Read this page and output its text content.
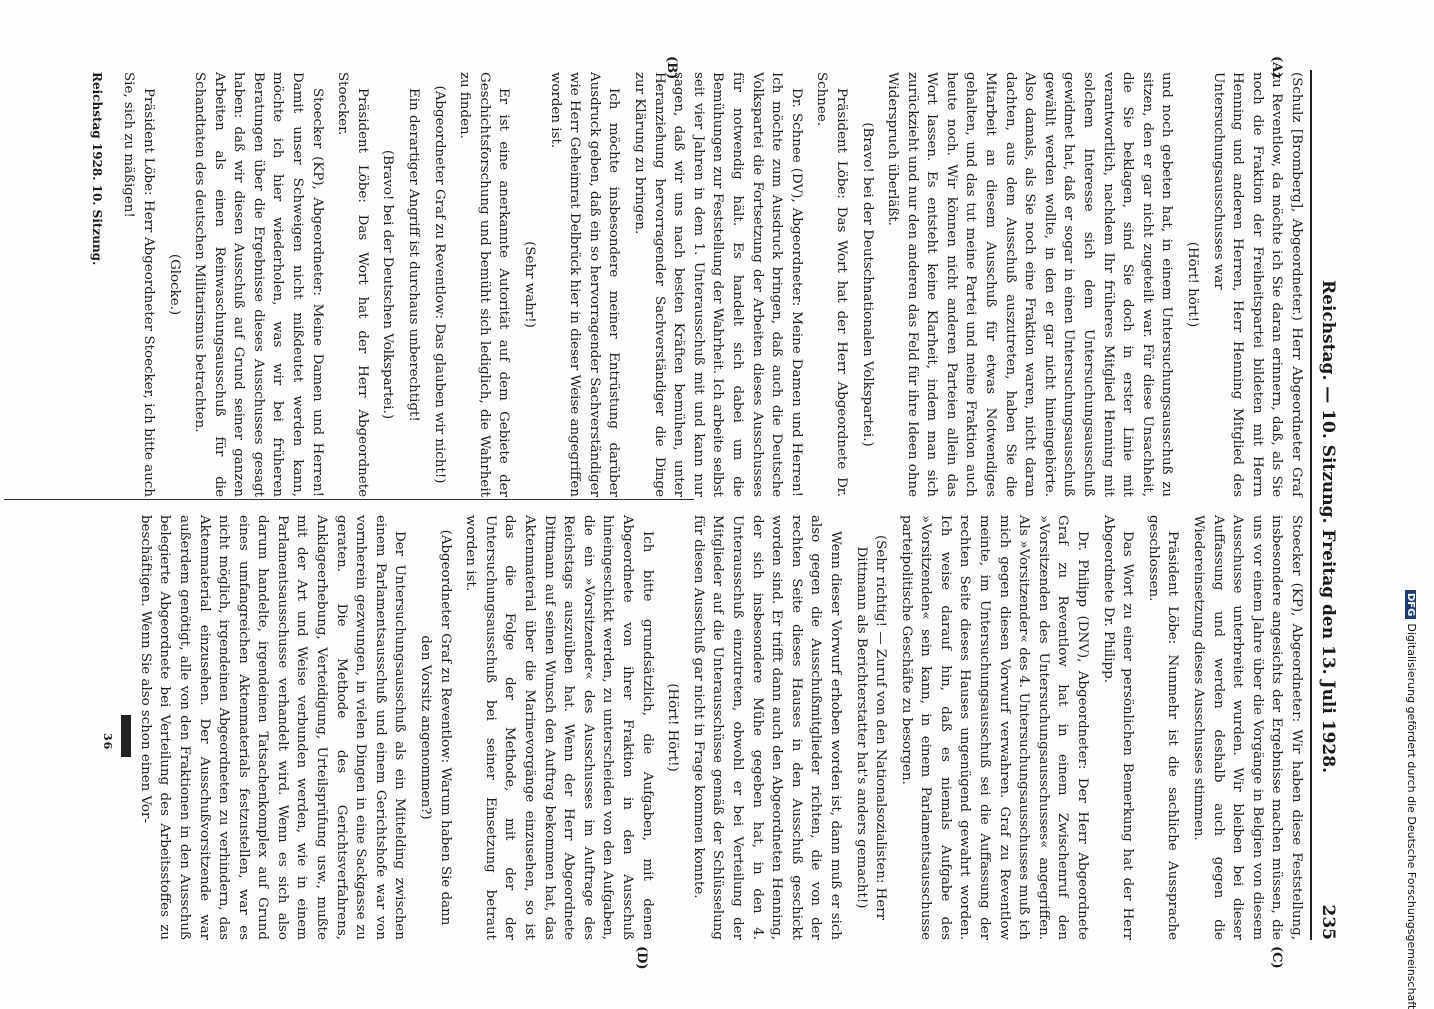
Reichstag. — 10. Sitzung. Freitag den 13. Juli 1928.
235
(A)
(B)
(C)
(D)

(Schulz [Bromberg], Abgeordneter.) Herr Abgeordneter Graf zu Reventlow, da möchte ich Sie daran erinnern, daß, als Sie noch die Fraktion der Freiheitspartei bildeten mit Herrn Henning und anderen Herren, Herr Henning Mitglied des Untersuchungsausschusses war

(Hört! hört!)

und noch gebeten hat, in einem Untersuchungsausschuß zu sitzen, den er gar nicht zugeteilt war. Für diese Unsachheit, die Sie beklagen, sind Sie doch in erster Linie mit verantwortlich, nachdem Ihr früheres Mitglied Henning mit solchem Interesse sich dem Untersuchungsausschuß gewidmet hat, daß er sogar in einen Untersuchungsausschuß gewählt werden wollte, in den er gar nicht hineingehörte. Also damals, als Sie noch eine Fraktion waren, nicht daran dachten, aus dem Ausschuß auszutreten, haben Sie die Mitarbeit an diesem Ausschuß für etwas Notwendiges gehalten, und das tut meine Partei und meine Fraktion auch heute noch. Wir können nicht anderen Parteien allein das Wort lassen. Es entsteht keine Klarheit, indem man sich zurückzieht und nur den anderen das Feld für ihre Ideen ohne Widerspruch überläßt.

(Bravo! bei der Deutschnationalen Volkspartei.)

Präsident Löbe: Das Wort hat der Herr Abgeordnete Dr. Schnee.

Dr. Schnee (DV), Abgeordneter: Meine Damen und Herren! Ich möchte zum Ausdruck bringen, daß auch die Deutsche Volkspartei die Fortsetzung der Arbeiten dieses Ausschusses für notwendig hält. Es handelt sich dabei um die Bemühungen zur Feststellung der Wahrheit. Ich arbeite selbst seit vier Jahren in dem 1. Unterausschuß mit und kann nur sagen, daß wir uns nach besten Kräften bemühen, unter Heranziehung hervorragender Sachverständiger die Dinge zur Klärung zu bringen.

Ich möchte insbesondere meiner Entrüstung darüber Ausdruck geben, daß ein so hervorragender Sachverständiger wie Herr Geheimrat Delbrück hier in dieser Weise angegriffen worden ist.

(Sehr wahr!)

Er ist eine anerkannte Autorität auf dem Gebiete der Geschichtsforschung und bemüht sich lediglich, die Wahrheit zu finden.

(Abgeordneter Graf zu Reventlow: Das glauben wir nicht!)

Ein derartiger Angriff ist durchaus unberechtigt!

(Bravo! bei der Deutschen Volkspartei.)

Präsident Löbe: Das Wort hat der Herr Abgeordnete Stoecker.

Stoecker (KP), Abgeordneter: Meine Damen und Herren! Damit unser Schweigen nicht mißdeutet werden kann, möchte ich hier wiederholen, was wir bei früheren Beratungen über die Ergebnisse dieses Ausschusses gesagt haben: daß wir diesen Ausschuß auf Grund seiner ganzen Arbeiten als einen Reinwaschungsausschuß für die Schandtaten des deutschen Militarismus betrachten.

(Glocke.)

Präsident Löbe: Herr Abgeordneter Stoecker, ich bitte auch Sie, sich zu mäßigen!

Stoecker (KP), Abgeordneter: Wir haben diese Feststellung, insbesondere angesichts der Ergebnisse machen müssen, die uns vor einem Jahre über die Vorgänge in Belgien von diesem Ausschusse unterbreitet wurden. Wir bleiben bei dieser Auffassung und werden deshalb auch gegen die Wiedereinsetzung dieses Ausschusses stimmen.

Präsident Löbe: Nunmehr ist die sachliche Aussprache geschlossen.

Das Wort zu einer persönlichen Bemerkung hat der Herr Abgeordnete Dr. Philipp.

Dr. Philipp (DNV), Abgeordneter: Der Herr Abgeordnete Graf zu Reventlow hat in einem Zwischenruf den »Vorsitzenden des Untersuchungsausschusses« angegriffen. Als »Vorsitzender« des 4. Untersuchungsausschusses muß ich mich gegen diesen Vorwurf verwahren. Graf zu Reventlow meinte, im Untersuchungsausschuß sei die Auffassung der rechten Seite dieses Hauses ungenügend gewahrt worden. Ich weise darauf hin, daß es niemals Aufgabe des »Vorsitzenden« sein kann, in einem Parlamentsausschusse parteipolitische Geschäfte zu besorgen.

(Sehr richtig! — Zuruf von den Nationalsozialisten: Herr Dittmann als Berichterstatter hat's anders gemacht!)

Wenn dieser Vorwurf erhoben worden ist, dann muß er sich also gegen die Ausschußmitglieder richten, die von der rechten Seite dieses Hauses in den Ausschuß geschickt worden sind. Er trifft dann auch den Abgeordneten Henning, der sich insbesondere Mühe gegeben hat, in den 4. Unterausschuß einzutreten, obwohl er bei Verteilung der Mitglieder auf die Unterausschüsse gemäß der Schlüsselung für diesen Ausschuß gar nicht in Frage kommen konnte.

(Hört! Hört!)

Ich bitte grundsätzlich, die Aufgaben, mit denen Abgeordnete von ihrer Fraktion in den Ausschuß hineingeschickt werden, zu unterscheiden von den Aufgaben, die ein »Vorsitzender« des Ausschusses im Auftrage des Reichstags auszuüben hat. Wenn der Herr Abgeordnete Dittmann auf seinen Wunsch den Auftrag bekommen hat, das Aktenmaterial über die Marinevorgänge einzusehen, so ist das die Folge der Methode, mit der der Untersuchungsausschuß bei seiner Einsetzung betraut worden ist.

(Abgeordneter Graf zu Reventlow: Warum haben Sie dann den Vorsitz angenommen?)

Der Untersuchungsausschuß als ein Mittelding zwischen einem Parlamentsausschuß und einem Gerichtshofe war von vornherein gezwungen, in vielen Dingen in eine Sackgasse zu geraten. Die Methode des Gerichtsverfahrens, Anklageerhebung, Verteidigung, Urteilsprüfung usw., mußte mit der Art und Weise verbunden werden, wie in einem Parlamentsausschusse verhandelt wird. Wenn es sich also darum handelte, irgendeinen Tatsachenkomplex auf Grund eines umfangreichen Aktenmaterials festzustellen, war es nicht möglich, irgendeinen Abgeordneten zu verhindern, das Aktenmaterial einzusehen. Der Ausschußvorsitzende war außerdem genötigt, alle von den Fraktionen in den Ausschuß belegierte Abgeordnete bei Verteilung des Arbeitsstoffes zu beschäftigen. Wenn Sie also schon einen Vor-

36
Reichstag 1928. 10. Sitzung.
DFGDigitalisierung gefördert durch die Deutsche Forschungsgemeinschaft
